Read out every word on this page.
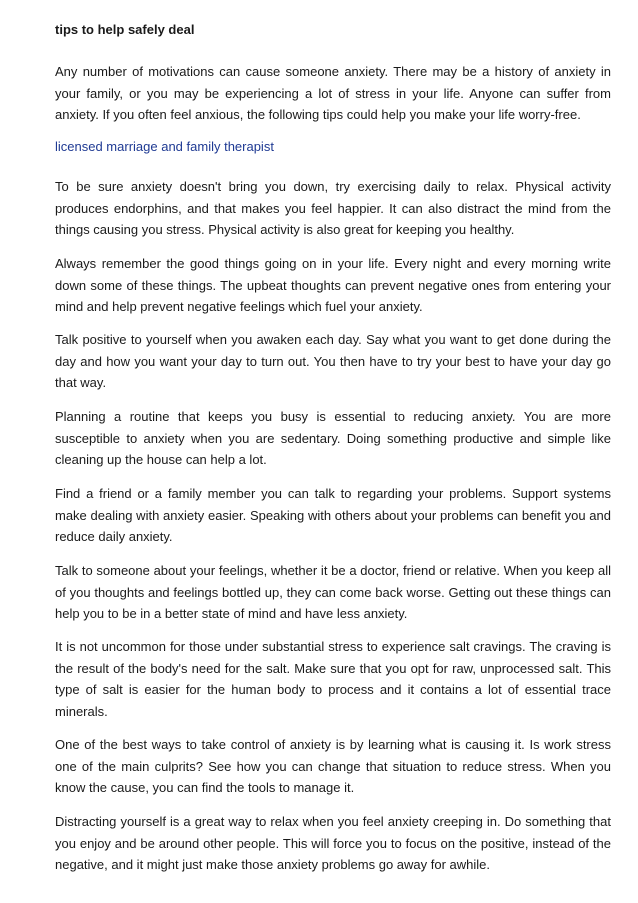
tips to help safely deal

Any number of motivations can cause someone anxiety. There may be a history of anxiety in your family, or you may be experiencing a lot of stress in your life. Anyone can suffer from anxiety. If you often feel anxious, the following tips could help you make your life worry-free.

licensed marriage and family therapist

To be sure anxiety doesn't bring you down, try exercising daily to relax. Physical activity produces endorphins, and that makes you feel happier. It can also distract the mind from the things causing you stress. Physical activity is also great for keeping you healthy.

Always remember the good things going on in your life. Every night and every morning write down some of these things. The upbeat thoughts can prevent negative ones from entering your mind and help prevent negative feelings which fuel your anxiety.

Talk positive to yourself when you awaken each day. Say what you want to get done during the day and how you want your day to turn out. You then have to try your best to have your day go that way.

Planning a routine that keeps you busy is essential to reducing anxiety. You are more susceptible to anxiety when you are sedentary. Doing something productive and simple like cleaning up the house can help a lot.

Find a friend or a family member you can talk to regarding your problems. Support systems make dealing with anxiety easier. Speaking with others about your problems can benefit you and reduce daily anxiety.

Talk to someone about your feelings, whether it be a doctor, friend or relative. When you keep all of you thoughts and feelings bottled up, they can come back worse. Getting out these things can help you to be in a better state of mind and have less anxiety.

It is not uncommon for those under substantial stress to experience salt cravings. The craving is the result of the body's need for the salt. Make sure that you opt for raw, unprocessed salt. This type of salt is easier for the human body to process and it contains a lot of essential trace minerals.

One of the best ways to take control of anxiety is by learning what is causing it. Is work stress one of the main culprits? See how you can change that situation to reduce stress. When you know the cause, you can find the tools to manage it.

Distracting yourself is a great way to relax when you feel anxiety creeping in. Do something that you enjoy and be around other people. This will force you to focus on the positive, instead of the negative, and it might just make those anxiety problems go away for awhile.
